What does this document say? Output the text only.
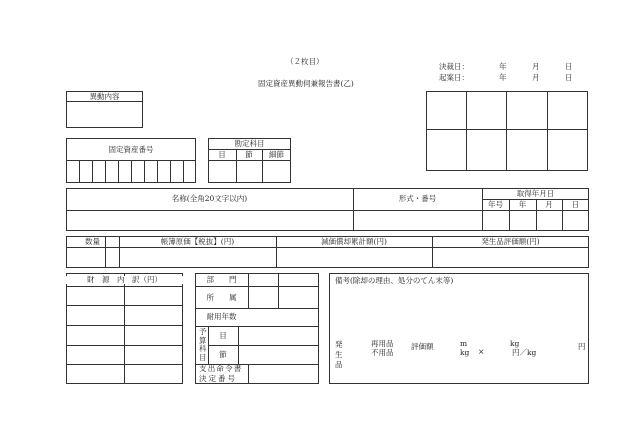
（２枚目）
固定資産異動伺兼報告書(乙)
決裁日：	年	月	日
起案日：	年	月	日
異動内容
固定資産番号
勘定科目
目	節	細節
名称(全角20文字以内)	形式・番号
取得年月日
年号	年	月	日
数量	帳簿原価【税抜】(円)	減価償却累計額(円)	発生品評価額(円)
財　源　内　訳（円）	部　　門
所　　属
耐用年数
予算科目
目
節
支出命令書
決定番号
備考(除却の理由、処分のてん末等)
発生品
再用品
不用品
評価額	m
kg ×
kg
円／kg
円
